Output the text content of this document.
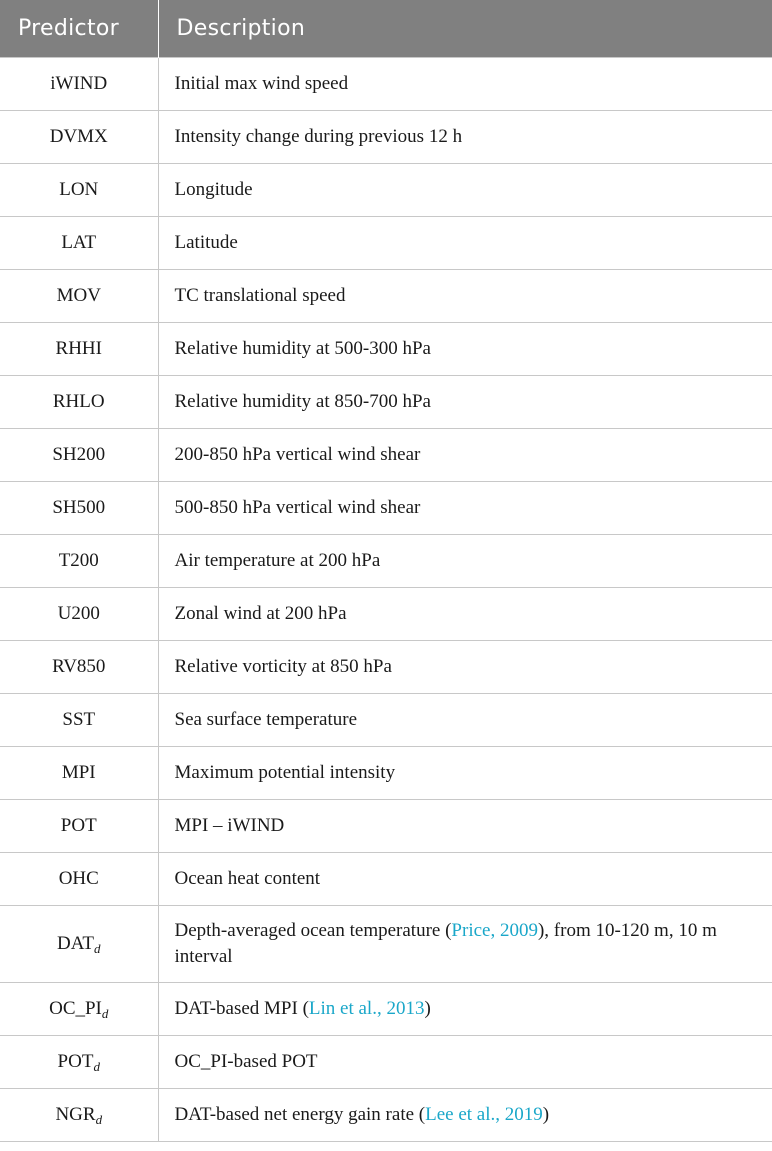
Predictor	Description
iWIND	Initial max wind speed
DVMX	Intensity change during previous 12 h
LON	Longitude
LAT	Latitude
MOV	TC translational speed
RHHI	Relative humidity at 500-300 hPa
RHLO	Relative humidity at 850-700 hPa
SH200	200-850 hPa vertical wind shear
SH500	500-850 hPa vertical wind shear
T200	Air temperature at 200 hPa
U200	Zonal wind at 200 hPa
RV850	Relative vorticity at 850 hPa
SST	Sea surface temperature
MPI	Maximum potential intensity
POT	MPI – iWIND
OHC	Ocean heat content
$DAT_d$	Depth-averaged ocean temperature (Price, 2009), from 10-120 m, 10 m interval
$OC\_PI_d$	DAT-based MPI (Lin et al., 2013)
$POT_d$	OC_PI-based POT
$NGR_d$	DAT-based net energy gain rate (Lee et al., 2019)
